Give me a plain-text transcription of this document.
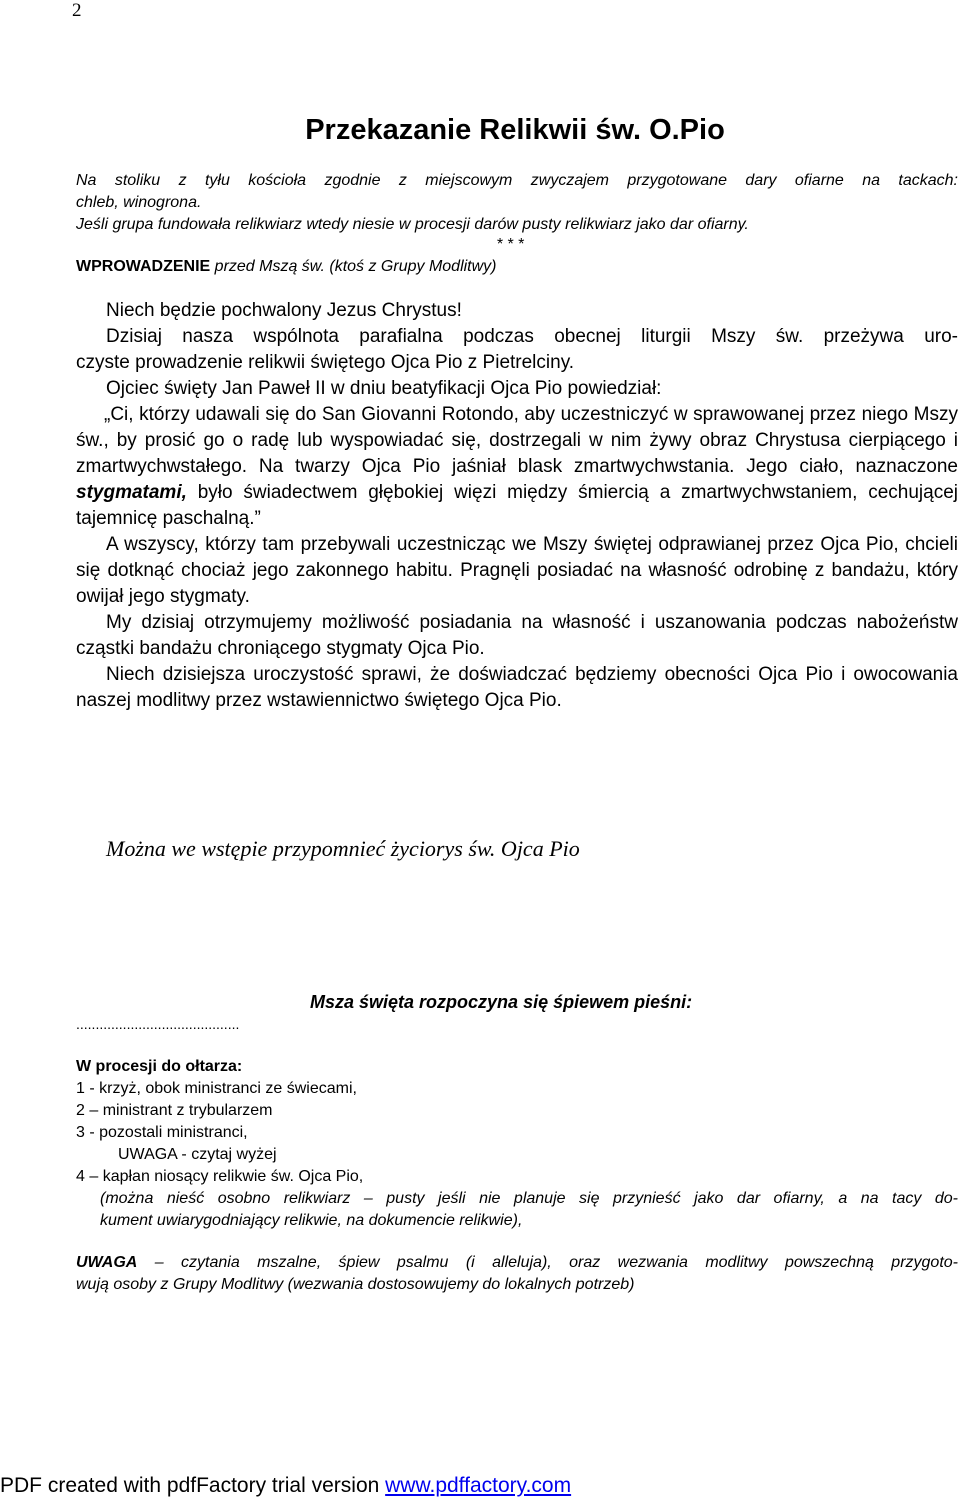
2
Przekazanie Relikwii św. O.Pio
Na stoliku z tyłu kościoła zgodnie z miejscowym zwyczajem przygotowane dary ofiarne na tackach:
chleb, winogrona.
Jeśli grupa fundowała relikwiarz wtedy niesie w procesji darów pusty relikwiarz jako dar ofiarny.
* * *
WPROWADZENIE przed Mszą św. (ktoś z Grupy Modlitwy)

Niech będzie pochwalony Jezus Chrystus!

Dzisiaj nasza wspólnota parafialna podczas obecnej liturgii Mszy św. przeżywa uro-

czyste prowadzenie relikwii świętego Ojca Pio z Pietrelciny.

Ojciec święty Jan Paweł II w dniu beatyfikacji Ojca Pio powiedział:

„Ci, którzy udawali się do San Giovanni Rotondo, aby uczestniczyć w sprawowanej przez niego Mszy św., by prosić go o radę lub wyspowiadać się, dostrzegali w nim żywy obraz Chrystusa cierpiącego i zmartwychwstałego. Na twarzy Ojca Pio jaśniał blask zmartwychwstania. Jego ciało, naznaczone stygmatami, było świadectwem głębokiej więzi między śmiercią a zmartwychwstaniem, cechującej tajemnicę paschalną.”

A wszyscy, którzy tam przebywali uczestnicząc we Mszy świętej odprawianej przez Ojca Pio, chcieli się dotknąć chociaż jego zakonnego habitu. Pragnęli posiadać na własność odrobinę z bandażu, który owijał jego stygmaty.

My dzisiaj otrzymujemy możliwość posiadania na własność i uszanowania podczas nabożeństw cząstki bandażu chroniącego stygmaty Ojca Pio.

Niech dzisiejsza uroczystość sprawi, że doświadczać będziemy obecności Ojca Pio i owocowania naszej modlitwy przez wstawiennictwo świętego Ojca Pio.

Można we wstępie przypomnieć życiorys św. Ojca Pio
Msza święta rozpoczyna się śpiewem pieśni:
..........................................
W procesji do ołtarza:
1 - krzyż, obok ministranci ze świecami,
2 – ministrant z trybularzem
3 - pozostali ministranci,
UWAGA - czytaj wyżej
4 – kapłan niosący relikwie św. Ojca Pio,
(można nieść osobno relikwiarz – pusty jeśli nie planuje się przynieść jako dar ofiarny, a na tacy do-
kument uwiarygodniający relikwie, na dokumencie relikwie),
UWAGA – czytania mszalne, śpiew psalmu (i alleluja), oraz wezwania modlitwy powszechną przygoto-
wują osoby z Grupy Modlitwy (wezwania dostosowujemy do lokalnych potrzeb)
PDF created with pdfFactory trial version www.pdffactory.com
